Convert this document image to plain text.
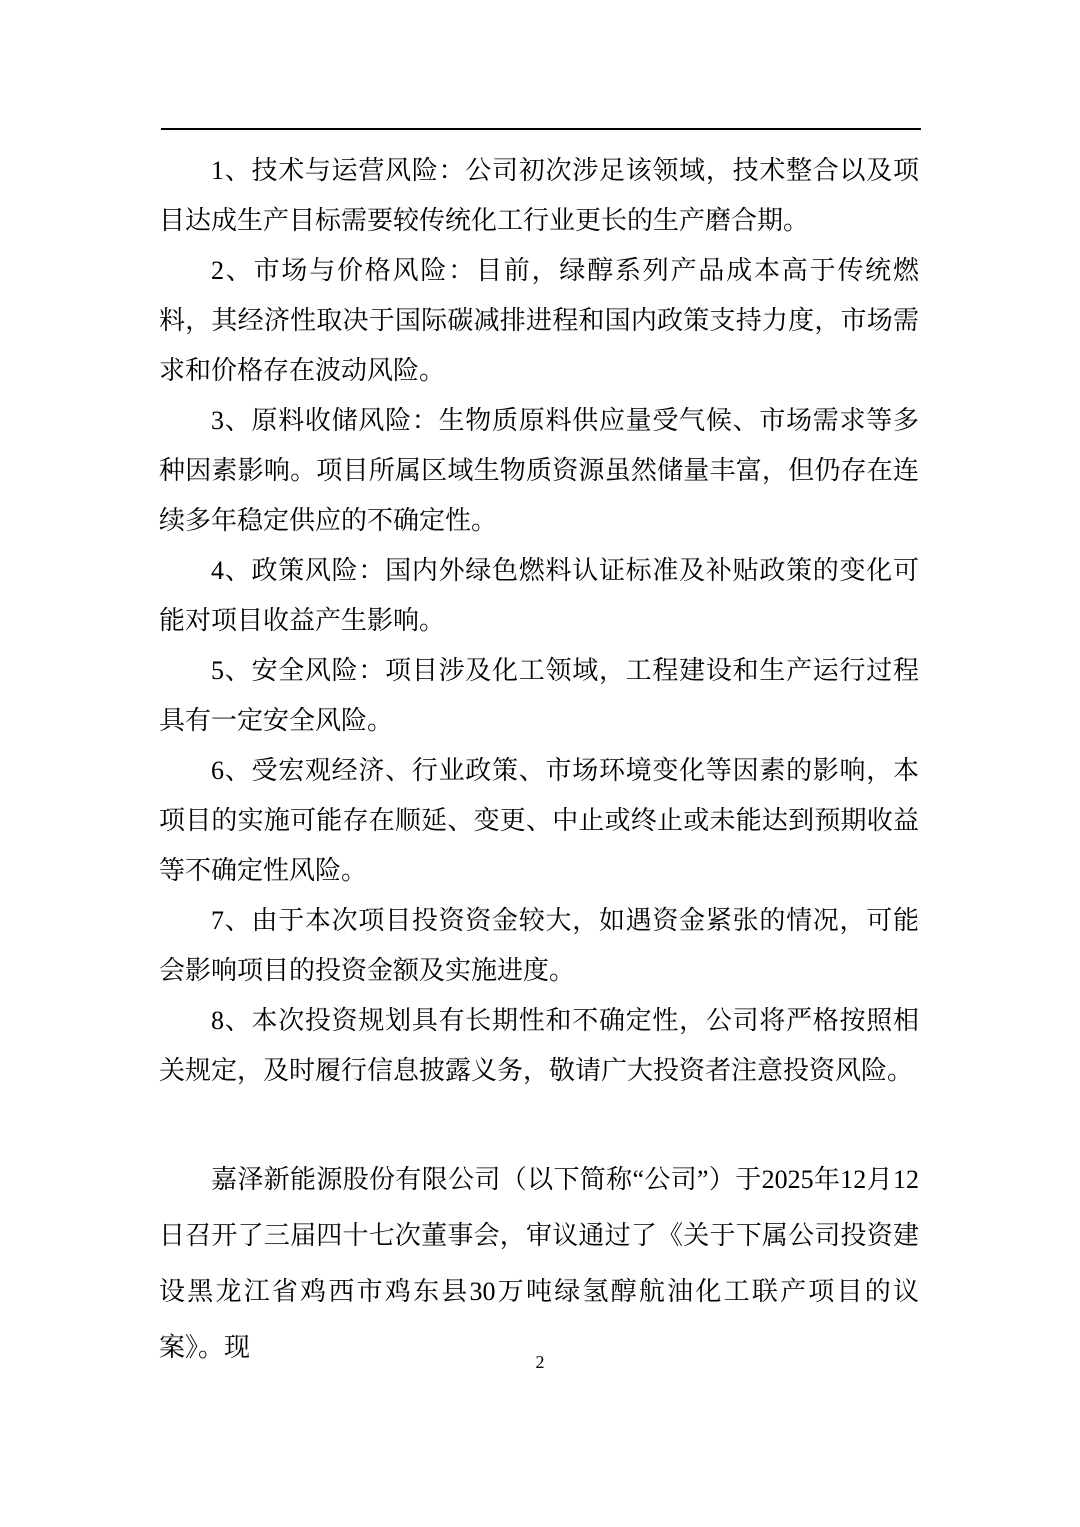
1、技术与运营风险：公司初次涉足该领域，技术整合以及项目达成生产目标需要较传统化工行业更长的生产磨合期。

2、市场与价格风险：目前，绿醇系列产品成本高于传统燃料，其经济性取决于国际碳减排进程和国内政策支持力度，市场需求和价格存在波动风险。

3、原料收储风险：生物质原料供应量受气候、市场需求等多种因素影响。项目所属区域生物质资源虽然储量丰富，但仍存在连续多年稳定供应的不确定性。

4、政策风险：国内外绿色燃料认证标准及补贴政策的变化可能对项目收益产生影响。

5、安全风险：项目涉及化工领域，工程建设和生产运行过程具有一定安全风险。

6、受宏观经济、行业政策、市场环境变化等因素的影响，本项目的实施可能存在顺延、变更、中止或终止或未能达到预期收益等不确定性风险。

7、由于本次项目投资资金较大，如遇资金紧张的情况，可能会影响项目的投资金额及实施进度。

8、本次投资规划具有长期性和不确定性，公司将严格按照相关规定，及时履行信息披露义务，敬请广大投资者注意投资风险。

嘉泽新能源股份有限公司（以下简称“公司”）于2025年12月12日召开了三届四十七次董事会，审议通过了《关于下属公司投资建设黑龙江省鸡西市鸡东县30万吨绿氢醇航油化工联产项目的议案》。现	2
